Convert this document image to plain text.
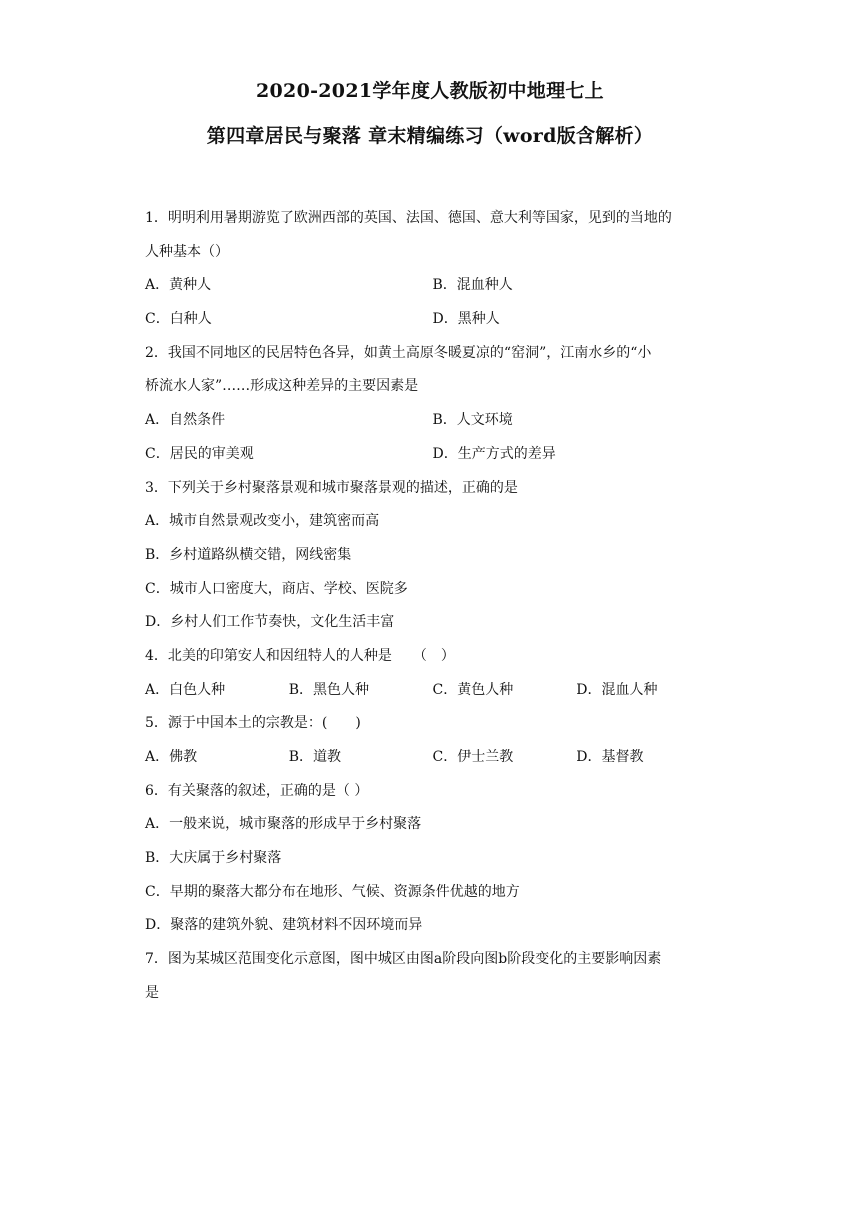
2020-2021学年度人教版初中地理七上
第四章居民与聚落 章末精编练习（word版含解析）
1．明明利用暑期游览了欧洲西部的英国、法国、德国、意大利等国家，见到的当地的
人种基本（）
A．黄种人	B．混血种人
C．白种人	D．黑种人
2．我国不同地区的民居特色各异，如黄土高原冬暖夏凉的“窑洞”，江南水乡的“小
桥流水人家”……形成这种差异的主要因素是
A．自然条件	B．人文环境
C．居民的审美观	D．生产方式的差异
3．下列关于乡村聚落景观和城市聚落景观的描述，正确的是
A．城市自然景观改变小，建筑密而高
B．乡村道路纵横交错，网线密集
C．城市人口密度大，商店、学校、医院多
D．乡村人们工作节奏快，文化生活丰富
4．北美的印第安人和因纽特人的人种是　　（　）
A．白色人种	B．黑色人种	C．黄色人种	D．混血人种
5．源于中国本土的宗教是：(　　)
A．佛教	B．道教	C．伊士兰教	D．基督教
6．有关聚落的叙述，正确的是（ ）
A．一般来说，城市聚落的形成早于乡村聚落
B．大庆属于乡村聚落
C．早期的聚落大都分布在地形、气候、资源条件优越的地方
D．聚落的建筑外貌、建筑材料不因环境而异
7．图为某城区范围变化示意图，图中城区由图a阶段向图b阶段变化的主要影响因素
是
